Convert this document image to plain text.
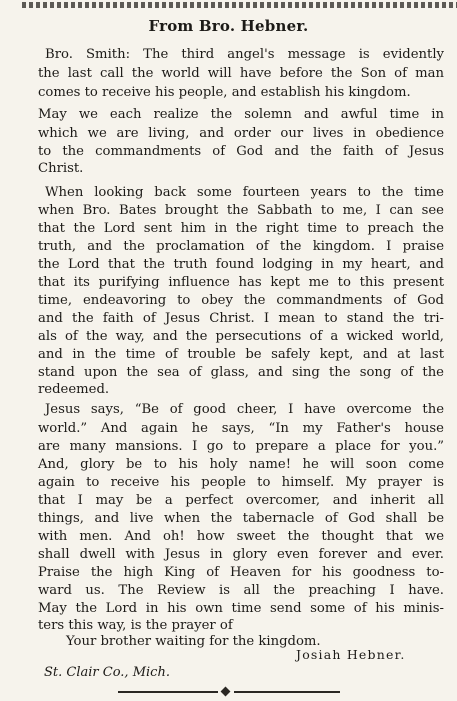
From Bro. Hebner.
Bro. Smith: The third angel's message is evidently
the last call the world will have before the Son of man
comes to receive his people, and establish his kingdom.
May we each realize the solemn and awful time in
which we are living, and order our lives in obedience
to the commandments of God and the faith of Jesus
Christ.
When looking back some fourteen years to the time
when Bro. Bates brought the Sabbath to me, I can see
that the Lord sent him in the right time to preach the
truth, and the proclamation of the kingdom. I praise
the Lord that the truth found lodging in my heart, and
that its purifying influence has kept me to this present
time, endeavoring to obey the commandments of God
and the faith of Jesus Christ. I mean to stand the tri-
als of the way, and the persecutions of a wicked world,
and in the time of trouble be safely kept, and at last
stand upon the sea of glass, and sing the song of the
redeemed.
Jesus says, “Be of good cheer, I have overcome the
world.” And again he says, “In my Father's house
are many mansions. I go to prepare a place for you.”
And, glory be to his holy name! he will soon come
again to receive his people to himself. My prayer is
that I may be a perfect overcomer, and inherit all
things, and live when the tabernacle of God shall be
with men. And oh! how sweet the thought that we
shall dwell with Jesus in glory even forever and ever.
Praise the high King of Heaven for his goodness to-
ward us. The Review is all the preaching I have.
May the Lord in his own time send some of his minis-
ters this way, is the prayer of
Your brother waiting for the kingdom.
Josiah Hebner.
St. Clair Co., Mich.
